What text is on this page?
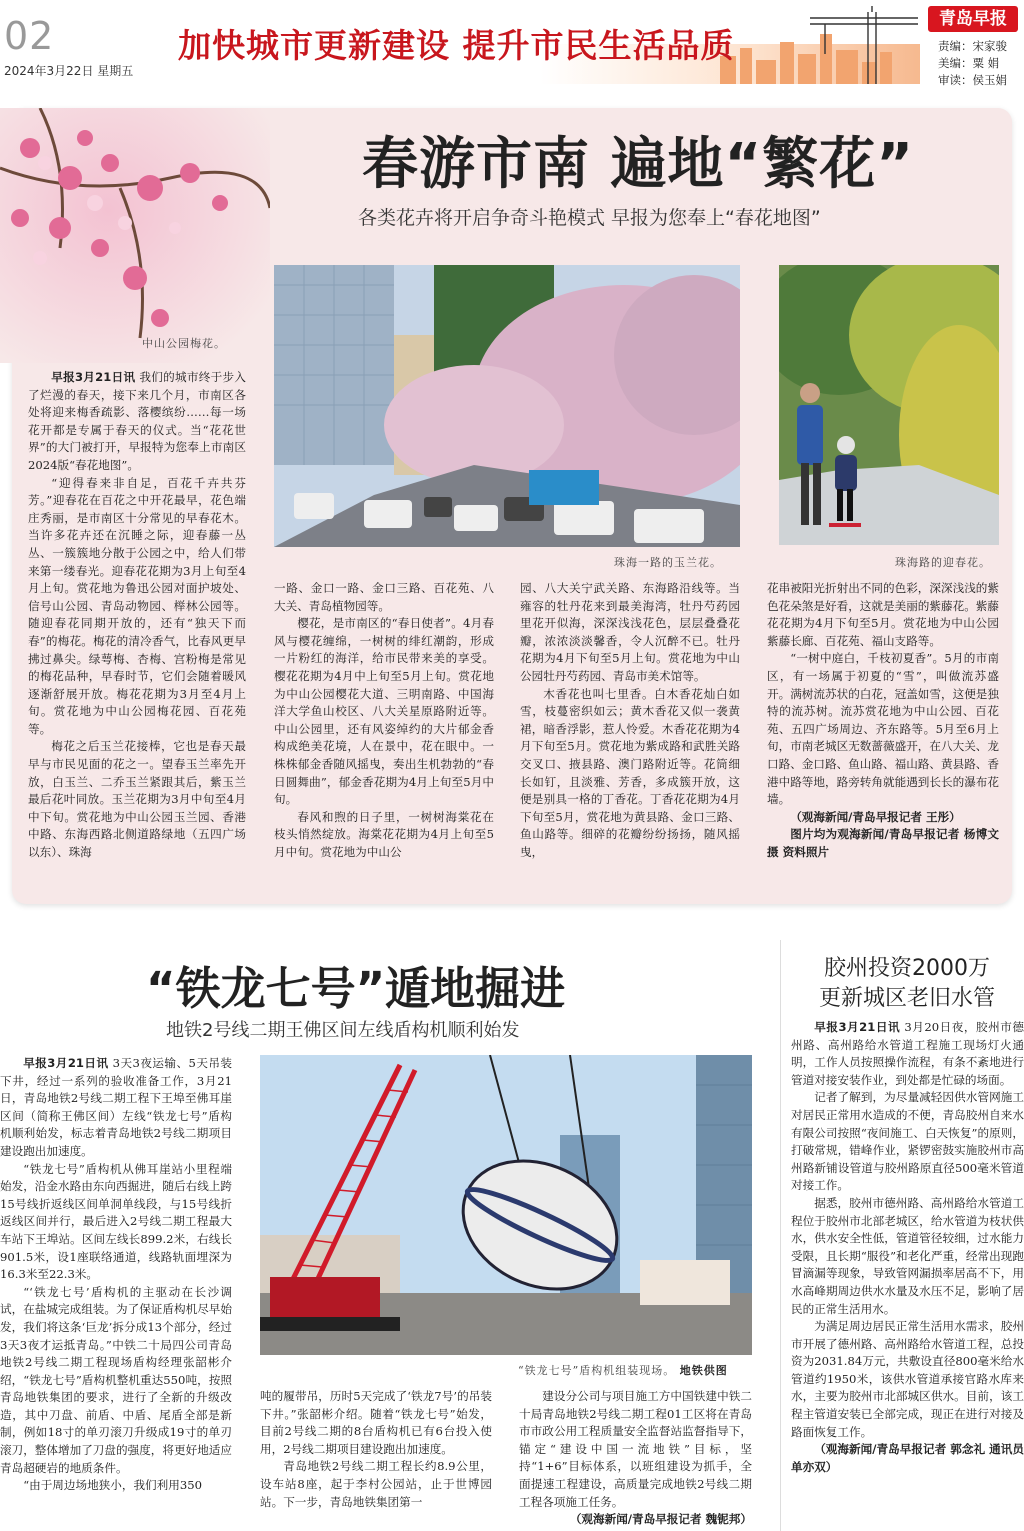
02
2024年3月22日 星期五
加快城市更新建设 提升市民生活品质
青岛早报
责编：宋家骏
美编：粟 娟
审读：侯玉娟
春游市南 遍地“繁花”
各类花卉将开启争奇斗艳模式 早报为您奉上“春花地图”
中山公园梅花。
珠海一路的玉兰花。	珠海路的迎春花。

早报3月21日讯 我们的城市终于步入了烂漫的春天，接下来几个月，市南区各处将迎来梅香疏影、落樱缤纷……每一场花开都是专属于春天的仪式。当“花花世界”的大门被打开，早报特为您奉上市南区2024版“春花地图”。

“迎得春来非自足，百花千卉共芬芳。”迎春花在百花之中开花最早，花色端庄秀丽，是市南区十分常见的早春花木。当许多花卉还在沉睡之际，迎春藤一丛丛、一簇簇地分散于公园之中，给人们带来第一缕春光。迎春花花期为3月上旬至4月上旬。赏花地为鲁迅公园对面护坡处、信号山公园、青岛动物园、榉林公园等。随迎春花同期开放的，还有“独天下而春”的梅花。梅花的清冷香气，比春风更早拂过鼻尖。绿萼梅、杏梅、宫粉梅是常见的梅花品种，早春时节，它们会随着暖风逐渐舒展开放。梅花花期为3月至4月上旬。赏花地为中山公园梅花园、百花苑等。

梅花之后玉兰花接棒，它也是春天最早与市民见面的花之一。望春玉兰率先开放，白玉兰、二乔玉兰紧跟其后，紫玉兰最后花叶同放。玉兰花期为3月中旬至4月中下旬。赏花地为中山公园玉兰园、香港中路、东海西路北侧道路绿地（五四广场以东）、珠海

一路、金口一路、金口三路、百花苑、八大关、青岛植物园等。

樱花，是市南区的“春日使者”。4月春风与樱花缠绵，一树树的绯红潮韵，形成一片粉红的海洋，给市民带来美的享受。樱花花期为4月中上旬至5月上旬。赏花地为中山公园樱花大道、三明南路、中国海洋大学鱼山校区、八大关星原路附近等。中山公园里，还有风姿绰约的大片郁金香构成绝美花境，人在景中，花在眼中。一株株郁金香随风摇曳，奏出生机勃勃的“春日圆舞曲”，郁金香花期为4月上旬至5月中旬。

春风和煦的日子里，一树树海棠花在枝头悄然绽放。海棠花花期为4月上旬至5月中旬。赏花地为中山公

园、八大关宁武关路、东海路沿线等。当雍容的牡丹花来到最美海湾，牡丹芍药园里花开似海，深深浅浅花色，层层叠叠花瓣，浓浓淡淡馨香，令人沉醉不已。牡丹花期为4月下旬至5月上旬。赏花地为中山公园牡丹芍药园、青岛市美术馆等。

木香花也叫七里香。白木香花灿白如雪，枝蔓密织如云；黄木香花又似一袭黄裙，暗香浮影，惹人怜爱。木香花花期为4月下旬至5月。赏花地为紫成路和武胜关路交叉口、掖县路、澳门路附近等。花筒细长如钉，且淡雅、芳香，多成簇开放，这便是别具一格的丁香花。丁香花花期为4月下旬至5月，赏花地为黄县路、金口三路、鱼山路等。细碎的花瓣纷纷扬扬，随风摇曳，

花串被阳光折射出不同的色彩，深深浅浅的紫色花朵煞是好看，这就是美丽的紫藤花。紫藤花花期为4月下旬至5月。赏花地为中山公园紫藤长廊、百花苑、福山支路等。

“一树中庭白，千枝初夏香”。5月的市南区，有一场属于初夏的“雪”，叫做流苏盛开。满树流苏状的白花，冠盖如雪，这便是独特的流苏树。流苏赏花地为中山公园、百花苑、五四广场周边、齐东路等。5月至6月上旬，市南老城区无数蔷薇盛开，在八大关、龙口路、金口路、鱼山路、福山路、黄县路、香港中路等地，路旁转角就能遇到长长的瀑布花墙。

（观海新闻/青岛早报记者 王彤）

图片均为观海新闻/青岛早报记者 杨博文 摄 资料照片

“铁龙七号”遁地掘进
地铁2号线二期王佛区间左线盾构机顺利始发
“铁龙七号”盾构机组装现场。 地铁供图

早报3月21日讯 3天3夜运输、5天吊装下井，经过一系列的验收准备工作，3月21日，青岛地铁2号线二期工程下王埠至佛耳崖区间（简称王佛区间）左线“铁龙七号”盾构机顺利始发，标志着青岛地铁2号线二期项目建设跑出加速度。

“铁龙七号”盾构机从佛耳崖站小里程端始发，沿金水路由东向西掘进，随后右线上跨15号线折返线区间单洞单线段，与15号线折返线区间并行，最后进入2号线二期工程最大车站下王埠站。区间左线长899.2米，右线长901.5米，设1座联络通道，线路轨面埋深为16.3米至22.3米。

“‘铁龙七号’盾构机的主驱动在长沙调试，在盐城完成组装。为了保证盾构机尽早始发，我们将这条‘巨龙’拆分成13个部分，经过3天3夜才运抵青岛。”中铁二十局四公司青岛地铁2号线二期工程现场盾构经理张韶彬介绍，“铁龙七号”盾构机整机重达550吨，按照青岛地铁集团的要求，进行了全新的升级改造，其中刀盘、前盾、中盾、尾盾全部是新制，例如18寸的单刃滚刀升级成19寸的单刃滚刀，整体增加了刀盘的强度，将更好地适应青岛超硬岩的地质条件。

“由于周边场地狭小，我们利用350

吨的履带吊，历时5天完成了‘铁龙7号’的吊装下井。”张韶彬介绍。随着“铁龙七号”始发，目前2号线二期的8台盾构机已有6台投入使用，2号线二期项目建设跑出加速度。

青岛地铁2号线二期工程长约8.9公里，设车站8座，起于李村公园站，止于世博园站。下一步，青岛地铁集团第一

建设分公司与项目施工方中国铁建中铁二十局青岛地铁2号线二期工程01工区将在青岛市市政公用工程质量安全监督站监督指导下，锚定“建设中国一流地铁”目标，坚持“1+6”目标体系，以班组建设为抓手，全面提速工程建设，高质量完成地铁2号线二期工程各项施工任务。

（观海新闻/青岛早报记者 魏铌邦）

胶州投资2000万
更新城区老旧水管

早报3月21日讯 3月20日夜，胶州市德州路、高州路给水管道工程施工现场灯火通明，工作人员按照操作流程，有条不紊地进行管道对接安装作业，到处都是忙碌的场面。

记者了解到，为尽量减轻因供水管网施工对居民正常用水造成的不便，青岛胶州自来水有限公司按照“夜间施工、白天恢复”的原则，打破常规，错峰作业，紧锣密鼓实施胶州市高州路新铺设管道与胶州路原直径500毫米管道对接工作。

据悉，胶州市德州路、高州路给水管道工程位于胶州市北部老城区，给水管道为枝状供水，供水安全性低，管道管径较细，过水能力受限，且长期“服役”和老化严重，经常出现跑冒滴漏等现象，导致管网漏损率居高不下，用水高峰期周边供水水量及水压不足，影响了居民的正常生活用水。

为满足周边居民正常生活用水需求，胶州市开展了德州路、高州路给水管道工程，总投资为2031.84万元，共敷设直径800毫米给水管道约1950米，该供水管道承接官路水库来水，主要为胶州市北部城区供水。目前，该工程主管道安装已全部完成，现正在进行对接及路面恢复工作。

（观海新闻/青岛早报记者 郭念礼 通讯员 单亦双）
